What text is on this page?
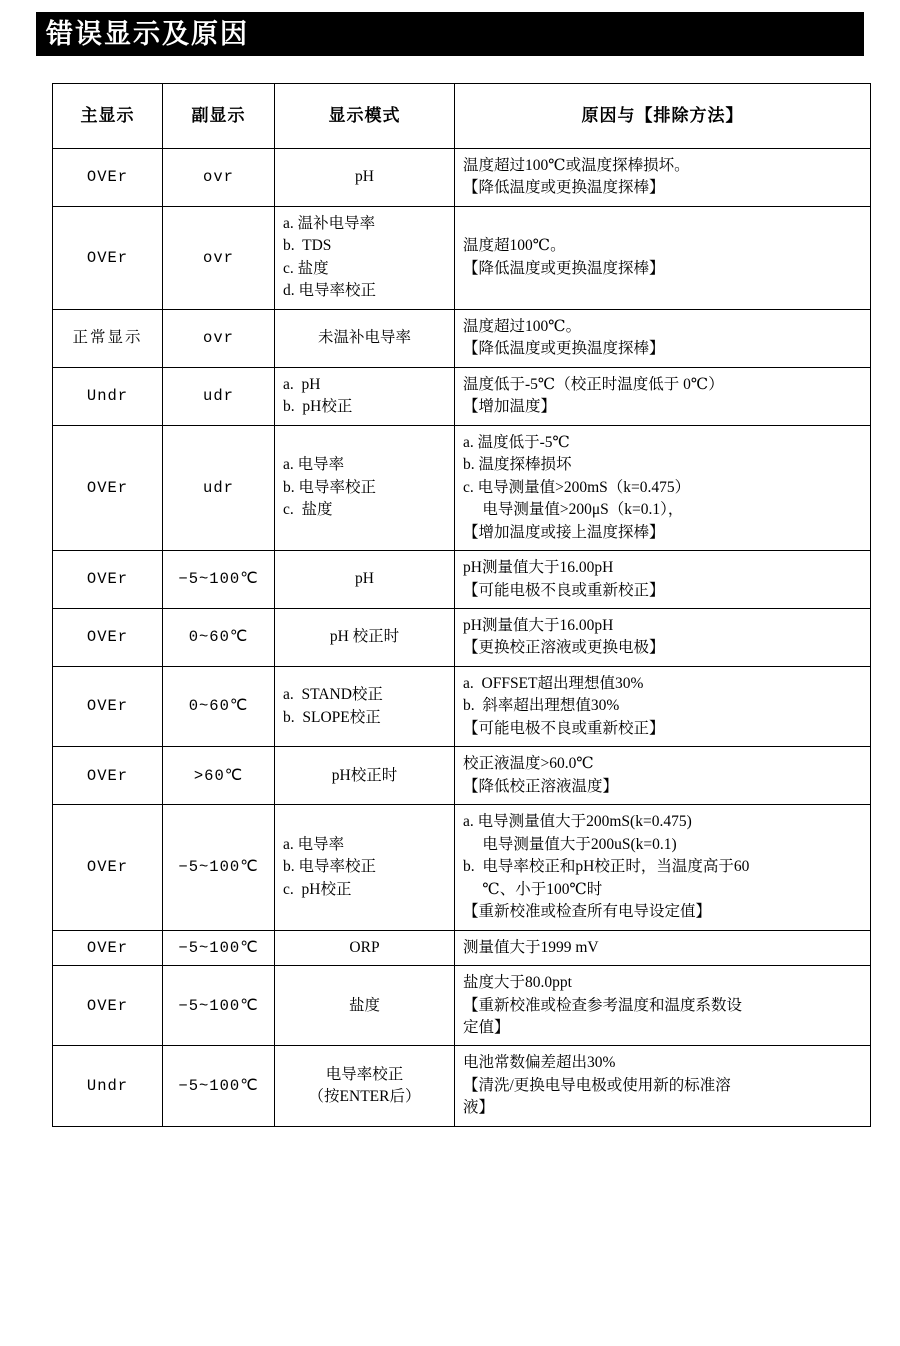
错误显示及原因
主显示	副显示	显示模式	原因与【排除方法】
OVEr	ovr	pH	温度超过100℃或温度探棒损坏。
【降低温度或更换温度探棒】

OVEr	ovr	a. 温补电导率
b.  TDS
c. 盐度
d. 电导率校正	温度超100℃。
【降低温度或更换温度探棒】

正常显示	ovr	未温补电导率	温度超过100℃。
【降低温度或更换温度探棒】

Undr	udr	a.  pH
b.  pH校正	温度低于-5℃（校正时温度低于 0℃）
【增加温度】

OVEr	udr	a. 电导率
b. 电导率校正
c.  盐度	a. 温度低于-5℃
b. 温度探棒损坏
c. 电导测量值>200mS（k=0.475）
　 电导测量值>200μS（k=0.1），
【增加温度或接上温度探棒】

OVEr	−5~100℃	pH	pH测量值大于16.00pH
【可能电极不良或重新校正】

OVEr	0~60℃	pH 校正时	pH测量值大于16.00pH
【更换校正溶液或更换电极】

OVEr	0~60℃	a.  STAND校正
b.  SLOPE校正	a.  OFFSET超出理想值30%
b.  斜率超出理想值30%
【可能电极不良或重新校正】

OVEr	>60℃	pH校正时	校正液温度>60.0℃
【降低校正溶液温度】

OVEr	−5~100℃	a. 电导率
b. 电导率校正
c.  pH校正	a. 电导测量值大于200mS(k=0.475)
　 电导测量值大于200uS(k=0.1)
b.  电导率校正和pH校正时，当温度高于60
　 ℃、小于100℃时
【重新校准或检查所有电导设定值】

OVEr	−5~100℃	ORP	测量值大于1999 mV

OVEr	−5~100℃	盐度	盐度大于80.0ppt
【重新校准或检查参考温度和温度系数设
定值】

Undr	−5~100℃	电导率校正
（按ENTER后）	电池常数偏差超出30%
【清洗/更换电导电极或使用新的标准溶
液】
